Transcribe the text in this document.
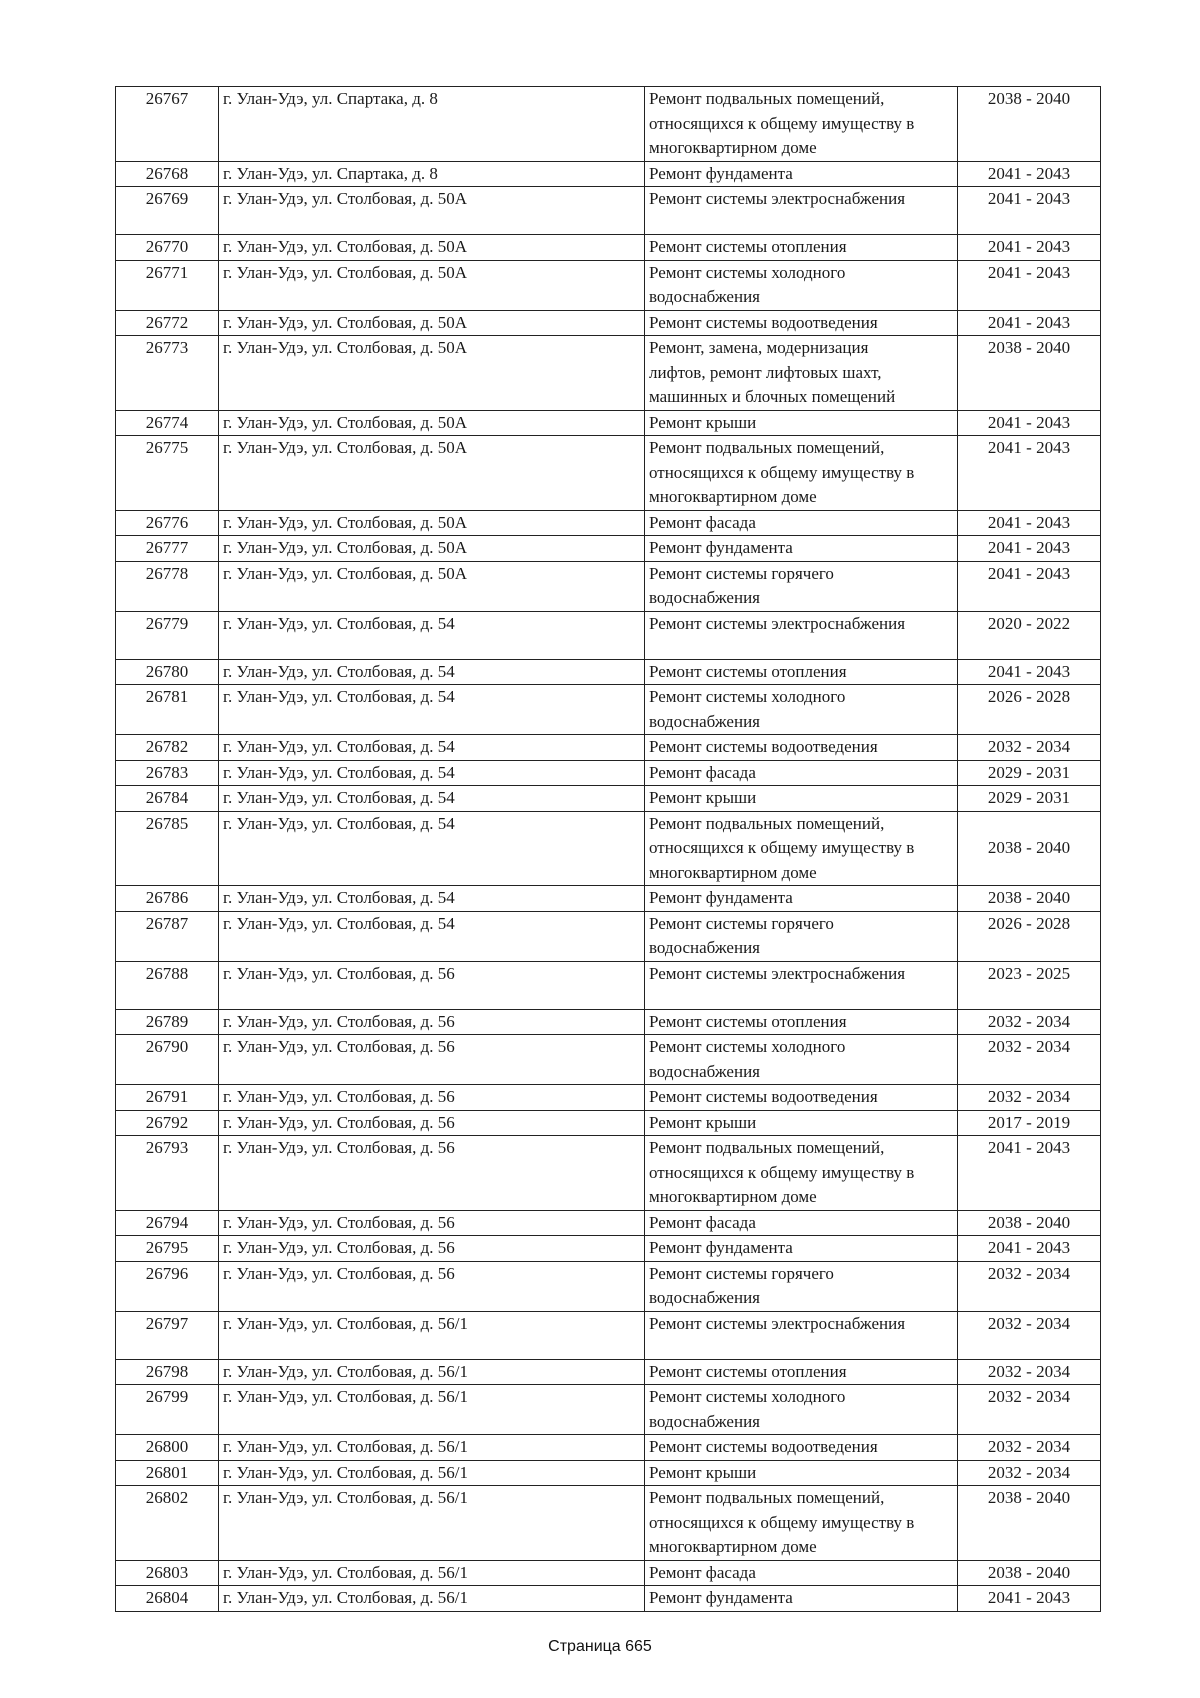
26767	г. Улан-Удэ, ул. Спартака, д. 8	Ремонт подвальных помещений,
относящихся к общему имуществу в
многоквартирном доме	2038 - 2040
26768	г. Улан-Удэ, ул. Спартака, д. 8	Ремонт фундамента	2041 - 2043
26769	г. Улан-Удэ, ул. Столбовая, д. 50А	Ремонт системы электроснабжения	2041 - 2043
26770	г. Улан-Удэ, ул. Столбовая, д. 50А	Ремонт системы отопления	2041 - 2043
26771	г. Улан-Удэ, ул. Столбовая, д. 50А	Ремонт системы холодного
водоснабжения	2041 - 2043
26772	г. Улан-Удэ, ул. Столбовая, д. 50А	Ремонт системы водоотведения	2041 - 2043
26773	г. Улан-Удэ, ул. Столбовая, д. 50А	Ремонт, замена, модернизация
лифтов, ремонт лифтовых шахт,
машинных и блочных помещений	2038 - 2040
26774	г. Улан-Удэ, ул. Столбовая, д. 50А	Ремонт крыши	2041 - 2043
26775	г. Улан-Удэ, ул. Столбовая, д. 50А	Ремонт подвальных помещений,
относящихся к общему имуществу в
многоквартирном доме	2041 - 2043
26776	г. Улан-Удэ, ул. Столбовая, д. 50А	Ремонт фасада	2041 - 2043
26777	г. Улан-Удэ, ул. Столбовая, д. 50А	Ремонт фундамента	2041 - 2043
26778	г. Улан-Удэ, ул. Столбовая, д. 50А	Ремонт системы горячего
водоснабжения	2041 - 2043
26779	г. Улан-Удэ, ул. Столбовая, д. 54	Ремонт системы электроснабжения	2020 - 2022
26780	г. Улан-Удэ, ул. Столбовая, д. 54	Ремонт системы отопления	2041 - 2043
26781	г. Улан-Удэ, ул. Столбовая, д. 54	Ремонт системы холодного
водоснабжения	2026 - 2028
26782	г. Улан-Удэ, ул. Столбовая, д. 54	Ремонт системы водоотведения	2032 - 2034
26783	г. Улан-Удэ, ул. Столбовая, д. 54	Ремонт фасада	2029 - 2031
26784	г. Улан-Удэ, ул. Столбовая, д. 54	Ремонт крыши	2029 - 2031
26785	г. Улан-Удэ, ул. Столбовая, д. 54	Ремонт подвальных помещений,
относящихся к общему имуществу в
многоквартирном доме	2038 - 2040
26786	г. Улан-Удэ, ул. Столбовая, д. 54	Ремонт фундамента	2038 - 2040
26787	г. Улан-Удэ, ул. Столбовая, д. 54	Ремонт системы горячего
водоснабжения	2026 - 2028
26788	г. Улан-Удэ, ул. Столбовая, д. 56	Ремонт системы электроснабжения	2023 - 2025
26789	г. Улан-Удэ, ул. Столбовая, д. 56	Ремонт системы отопления	2032 - 2034
26790	г. Улан-Удэ, ул. Столбовая, д. 56	Ремонт системы холодного
водоснабжения	2032 - 2034
26791	г. Улан-Удэ, ул. Столбовая, д. 56	Ремонт системы водоотведения	2032 - 2034
26792	г. Улан-Удэ, ул. Столбовая, д. 56	Ремонт крыши	2017 - 2019
26793	г. Улан-Удэ, ул. Столбовая, д. 56	Ремонт подвальных помещений,
относящихся к общему имуществу в
многоквартирном доме	2041 - 2043
26794	г. Улан-Удэ, ул. Столбовая, д. 56	Ремонт фасада	2038 - 2040
26795	г. Улан-Удэ, ул. Столбовая, д. 56	Ремонт фундамента	2041 - 2043
26796	г. Улан-Удэ, ул. Столбовая, д. 56	Ремонт системы горячего
водоснабжения	2032 - 2034
26797	г. Улан-Удэ, ул. Столбовая, д. 56/1	Ремонт системы электроснабжения	2032 - 2034
26798	г. Улан-Удэ, ул. Столбовая, д. 56/1	Ремонт системы отопления	2032 - 2034
26799	г. Улан-Удэ, ул. Столбовая, д. 56/1	Ремонт системы холодного
водоснабжения	2032 - 2034
26800	г. Улан-Удэ, ул. Столбовая, д. 56/1	Ремонт системы водоотведения	2032 - 2034
26801	г. Улан-Удэ, ул. Столбовая, д. 56/1	Ремонт крыши	2032 - 2034
26802	г. Улан-Удэ, ул. Столбовая, д. 56/1	Ремонт подвальных помещений,
относящихся к общему имуществу в
многоквартирном доме	2038 - 2040
26803	г. Улан-Удэ, ул. Столбовая, д. 56/1	Ремонт фасада	2038 - 2040
26804	г. Улан-Удэ, ул. Столбовая, д. 56/1	Ремонт фундамента	2041 - 2043
Страница 665
